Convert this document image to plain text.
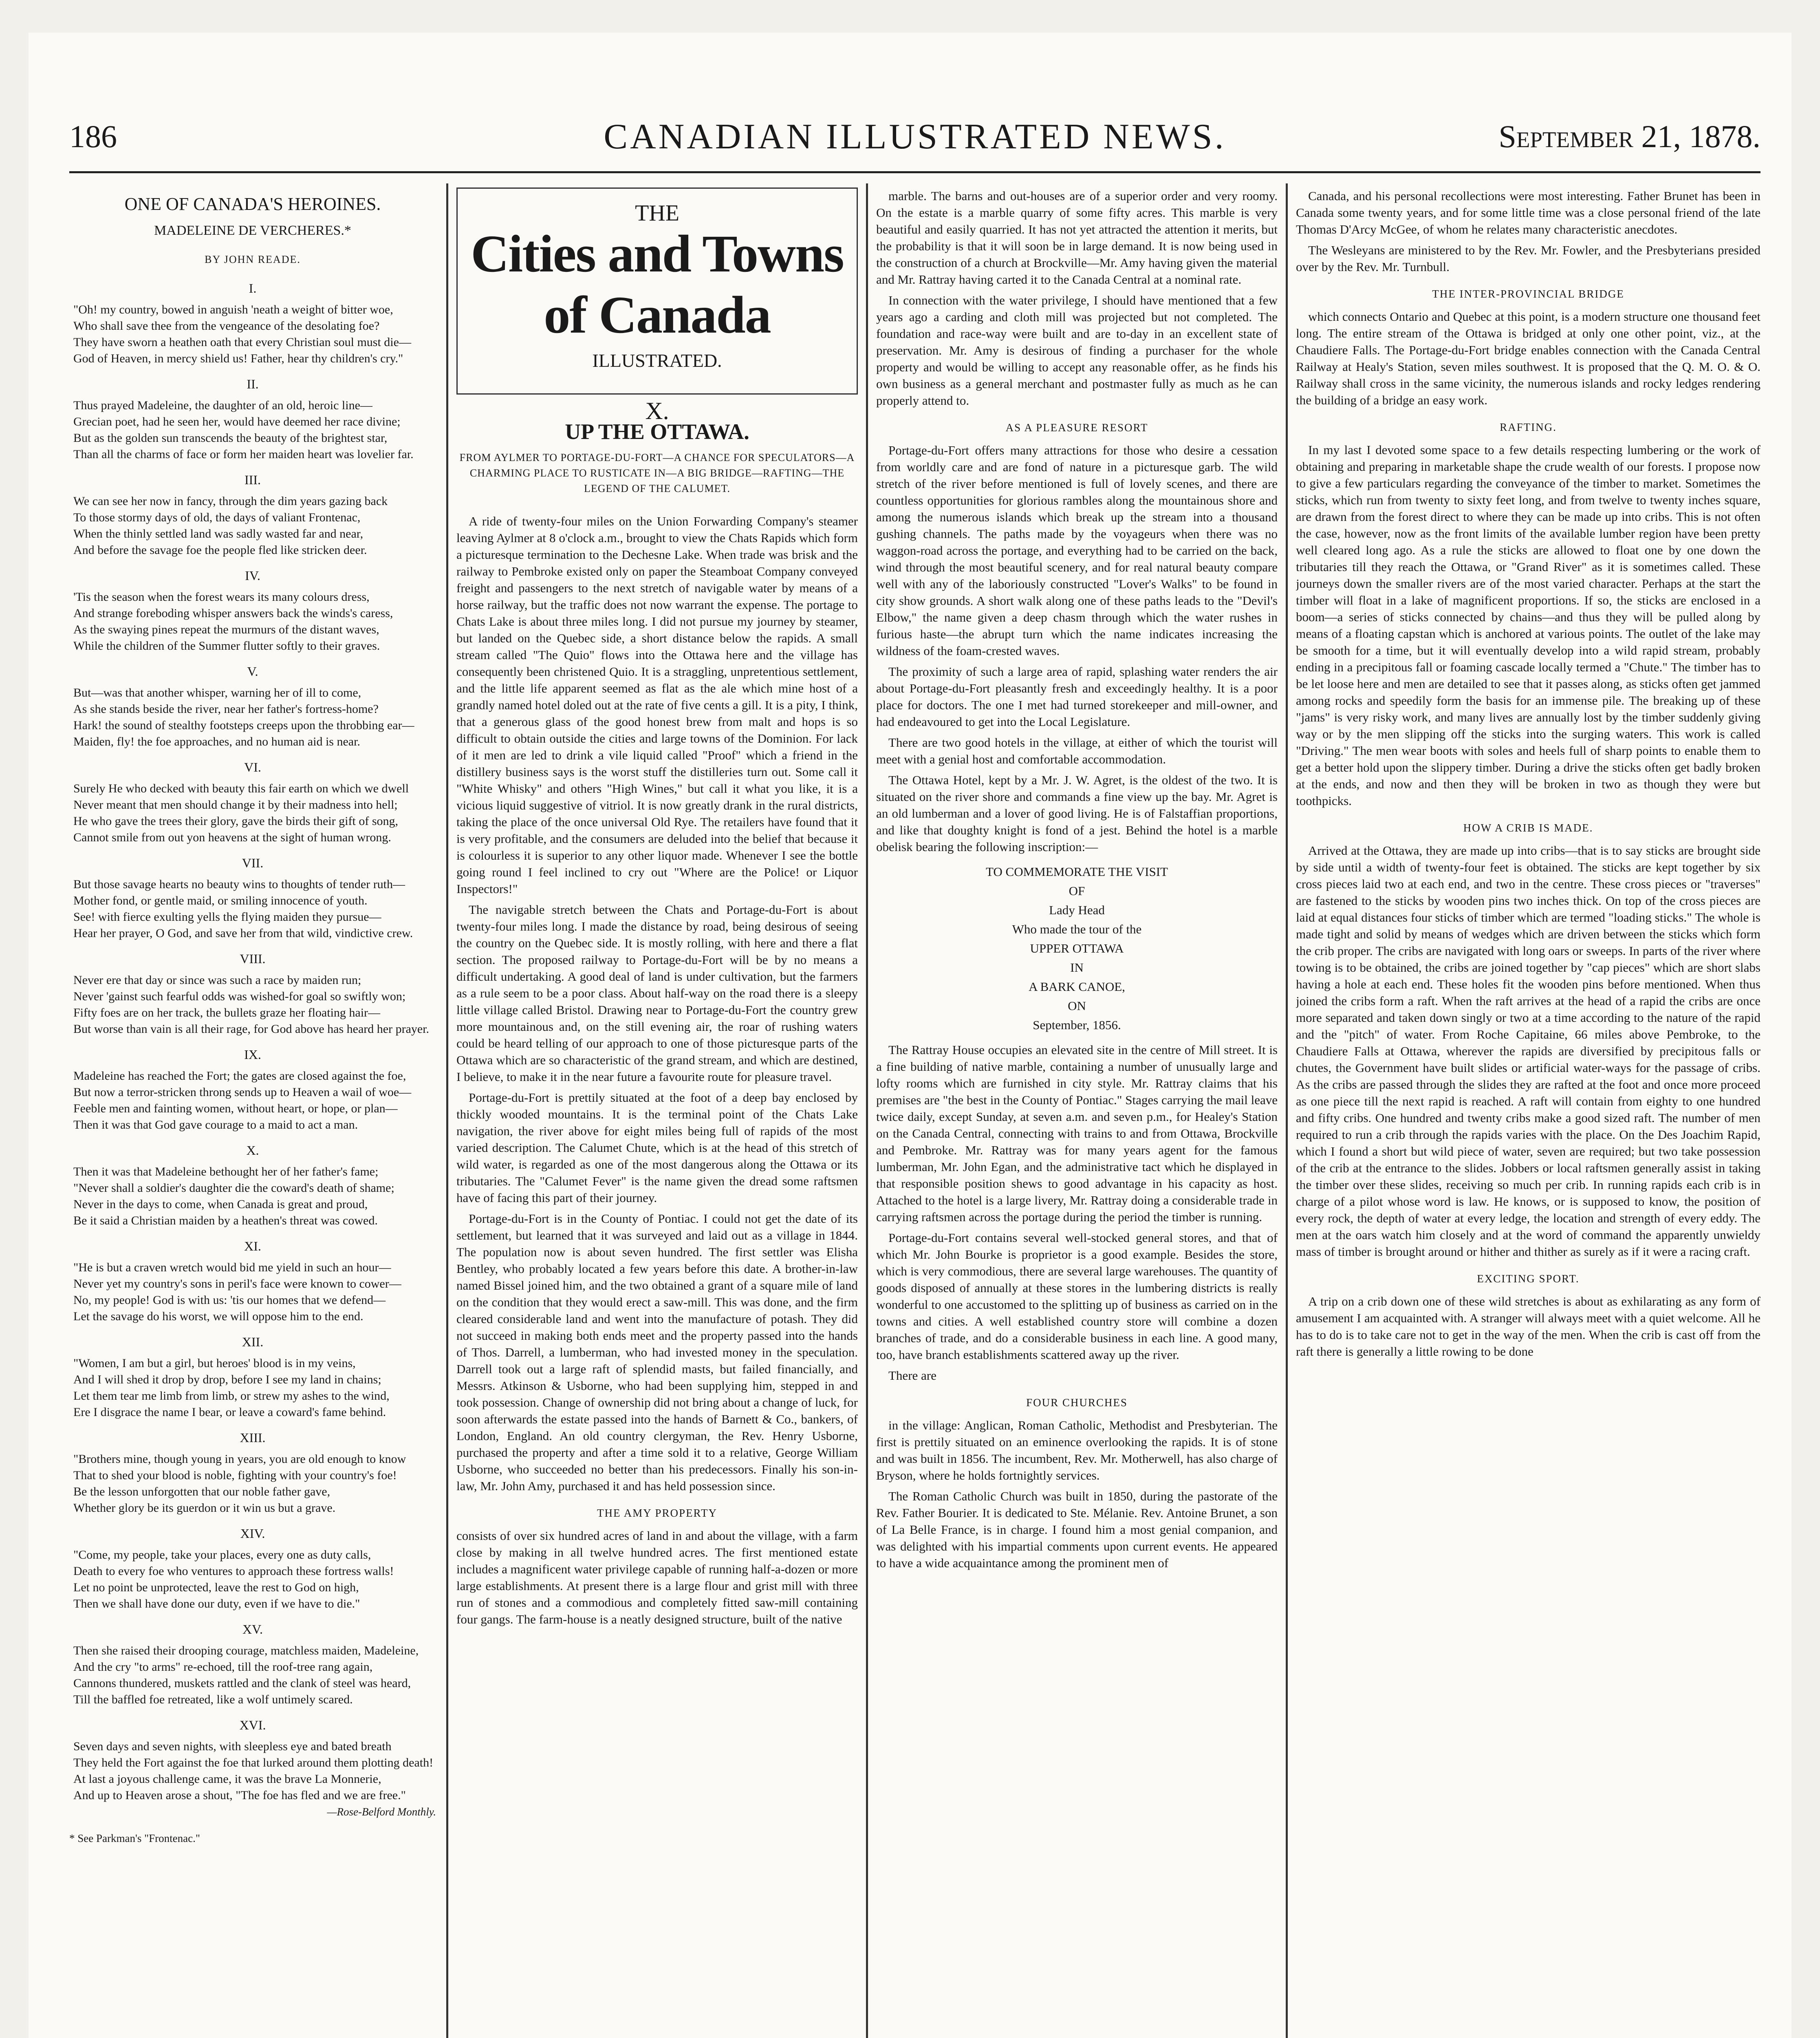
186	CANADIAN ILLUSTRATED NEWS.	September 21, 1878.
ONE OF CANADA'S HEROINES.
MADELEINE DE VERCHERES.*
BY JOHN READE.
I.
"Oh! my country, bowed in anguish 'neath a weight of bitter woe,
Who shall save thee from the vengeance of the desolating foe?
They have sworn a heathen oath that every Christian soul must die—
God of Heaven, in mercy shield us! Father, hear thy children's cry."
II.
Thus prayed Madeleine, the daughter of an old, heroic line—
Grecian poet, had he seen her, would have deemed her race divine;
But as the golden sun transcends the beauty of the brightest star,
Than all the charms of face or form her maiden heart was lovelier far.
III.
We can see her now in fancy, through the dim years gazing back
To those stormy days of old, the days of valiant Frontenac,
When the thinly settled land was sadly wasted far and near,
And before the savage foe the people fled like stricken deer.
IV.
'Tis the season when the forest wears its many colours dress,
And strange foreboding whisper answers back the winds's caress,
As the swaying pines repeat the murmurs of the distant waves,
While the children of the Summer flutter softly to their graves.
V.
But—was that another whisper, warning her of ill to come,
As she stands beside the river, near her father's fortress-home?
Hark! the sound of stealthy footsteps creeps upon the throbbing ear—
Maiden, fly! the foe approaches, and no human aid is near.
VI.
Surely He who decked with beauty this fair earth on which we dwell
Never meant that men should change it by their madness into hell;
He who gave the trees their glory, gave the birds their gift of song,
Cannot smile from out yon heavens at the sight of human wrong.
VII.
But those savage hearts no beauty wins to thoughts of tender ruth—
Mother fond, or gentle maid, or smiling innocence of youth.
See! with fierce exulting yells the flying maiden they pursue—
Hear her prayer, O God, and save her from that wild, vindictive crew.
VIII.
Never ere that day or since was such a race by maiden run;
Never 'gainst such fearful odds was wished-for goal so swiftly won;
Fifty foes are on her track, the bullets graze her floating hair—
But worse than vain is all their rage, for God above has heard her prayer.
IX.
Madeleine has reached the Fort; the gates are closed against the foe,
But now a terror-stricken throng sends up to Heaven a wail of woe—
Feeble men and fainting women, without heart, or hope, or plan—
Then it was that God gave courage to a maid to act a man.
X.
Then it was that Madeleine bethought her of her father's fame;
"Never shall a soldier's daughter die the coward's death of shame;
Never in the days to come, when Canada is great and proud,
Be it said a Christian maiden by a heathen's threat was cowed.
XI.
"He is but a craven wretch would bid me yield in such an hour—
Never yet my country's sons in peril's face were known to cower—
No, my people! God is with us: 'tis our homes that we defend—
Let the savage do his worst, we will oppose him to the end.
XII.
"Women, I am but a girl, but heroes' blood is in my veins,
And I will shed it drop by drop, before I see my land in chains;
Let them tear me limb from limb, or strew my ashes to the wind,
Ere I disgrace the name I bear, or leave a coward's fame behind.
XIII.
"Brothers mine, though young in years, you are old enough to know
That to shed your blood is noble, fighting with your country's foe!
Be the lesson unforgotten that our noble father gave,
Whether glory be its guerdon or it win us but a grave.
XIV.
"Come, my people, take your places, every one as duty calls,
Death to every foe who ventures to approach these fortress walls!
Let no point be unprotected, leave the rest to God on high,
Then we shall have done our duty, even if we have to die."
XV.
Then she raised their drooping courage, matchless maiden, Madeleine,
And the cry "to arms" re-echoed, till the roof-tree rang again,
Cannons thundered, muskets rattled and the clank of steel was heard,
Till the baffled foe retreated, like a wolf untimely scared.
XVI.
Seven days and seven nights, with sleepless eye and bated breath
They held the Fort against the foe that lurked around them plotting death!
At last a joyous challenge came, it was the brave La Monnerie,
And up to Heaven arose a shout, "The foe has fled and we are free."
—Rose-Belford Monthly.
* See Parkman's "Frontenac."
THE
Cities and Towns of Canada
ILLUSTRATED.
X.
UP THE OTTAWA.
FROM AYLMER TO PORTAGE-DU-FORT—A CHANCE FOR SPECULATORS—A CHARMING PLACE TO RUSTICATE IN—A BIG BRIDGE—RAFTING—THE LEGEND OF THE CALUMET.

A ride of twenty-four miles on the Union Forwarding Company's steamer leaving Aylmer at 8 o'clock a.m., brought to view the Chats Rapids which form a picturesque termination to the Dechesne Lake. When trade was brisk and the railway to Pembroke existed only on paper the Steamboat Company conveyed freight and passengers to the next stretch of navigable water by means of a horse railway, but the traffic does not now warrant the expense. The portage to Chats Lake is about three miles long. I did not pursue my journey by steamer, but landed on the Quebec side, a short distance below the rapids. A small stream called "The Quio" flows into the Ottawa here and the village has consequently been christened Quio. It is a straggling, unpretentious settlement, and the little life apparent seemed as flat as the ale which mine host of a grandly named hotel doled out at the rate of five cents a gill. It is a pity, I think, that a generous glass of the good honest brew from malt and hops is so difficult to obtain outside the cities and large towns of the Dominion. For lack of it men are led to drink a vile liquid called "Proof" which a friend in the distillery business says is the worst stuff the distilleries turn out. Some call it "White Whisky" and others "High Wines," but call it what you like, it is a vicious liquid suggestive of vitriol. It is now greatly drank in the rural districts, taking the place of the once universal Old Rye. The retailers have found that it is very profitable, and the consumers are deluded into the belief that because it is colourless it is superior to any other liquor made. Whenever I see the bottle going round I feel inclined to cry out "Where are the Police! or Liquor Inspectors!"

The navigable stretch between the Chats and Portage-du-Fort is about twenty-four miles long. I made the distance by road, being desirous of seeing the country on the Quebec side. It is mostly rolling, with here and there a flat section. The proposed railway to Portage-du-Fort will be by no means a difficult undertaking. A good deal of land is under cultivation, but the farmers as a rule seem to be a poor class. About half-way on the road there is a sleepy little village called Bristol. Drawing near to Portage-du-Fort the country grew more mountainous and, on the still evening air, the roar of rushing waters could be heard telling of our approach to one of those picturesque parts of the Ottawa which are so characteristic of the grand stream, and which are destined, I believe, to make it in the near future a favourite route for pleasure travel.

Portage-du-Fort is prettily situated at the foot of a deep bay enclosed by thickly wooded mountains. It is the terminal point of the Chats Lake navigation, the river above for eight miles being full of rapids of the most varied description. The Calumet Chute, which is at the head of this stretch of wild water, is regarded as one of the most dangerous along the Ottawa or its tributaries. The "Calumet Fever" is the name given the dread some raftsmen have of facing this part of their journey.

Portage-du-Fort is in the County of Pontiac. I could not get the date of its settlement, but learned that it was surveyed and laid out as a village in 1844. The population now is about seven hundred. The first settler was Elisha Bentley, who probably located a few years before this date. A brother-in-law named Bissel joined him, and the two obtained a grant of a square mile of land on the condition that they would erect a saw-mill. This was done, and the firm cleared considerable land and went into the manufacture of potash. They did not succeed in making both ends meet and the property passed into the hands of Thos. Darrell, a lumberman, who had invested money in the speculation. Darrell took out a large raft of splendid masts, but failed financially, and Messrs. Atkinson & Usborne, who had been supplying him, stepped in and took possession. Change of ownership did not bring about a change of luck, for soon afterwards the estate passed into the hands of Barnett & Co., bankers, of London, England. An old country clergyman, the Rev. Henry Usborne, purchased the property and after a time sold it to a relative, George William Usborne, who succeeded no better than his predecessors. Finally his son-in-law, Mr. John Amy, purchased it and has held possession since.

THE AMY PROPERTY

consists of over six hundred acres of land in and about the village, with a farm close by making in all twelve hundred acres. The first mentioned estate includes a magnificent water privilege capable of running half-a-dozen or more large establishments. At present there is a large flour and grist mill with three run of stones and a commodious and completely fitted saw-mill containing four gangs. The farm-house is a neatly designed structure, built of the native

marble. The barns and out-houses are of a superior order and very roomy. On the estate is a marble quarry of some fifty acres. This marble is very beautiful and easily quarried. It has not yet attracted the attention it merits, but the probability is that it will soon be in large demand. It is now being used in the construction of a church at Brockville—Mr. Amy having given the material and Mr. Rattray having carted it to the Canada Central at a nominal rate.

In connection with the water privilege, I should have mentioned that a few years ago a carding and cloth mill was projected but not completed. The foundation and race-way were built and are to-day in an excellent state of preservation. Mr. Amy is desirous of finding a purchaser for the whole property and would be willing to accept any reasonable offer, as he finds his own business as a general merchant and postmaster fully as much as he can properly attend to.

AS A PLEASURE RESORT

Portage-du-Fort offers many attractions for those who desire a cessation from worldly care and are fond of nature in a picturesque garb. The wild stretch of the river before mentioned is full of lovely scenes, and there are countless opportunities for glorious rambles along the mountainous shore and among the numerous islands which break up the stream into a thousand gushing channels. The paths made by the voyageurs when there was no waggon-road across the portage, and everything had to be carried on the back, wind through the most beautiful scenery, and for real natural beauty compare well with any of the laboriously constructed "Lover's Walks" to be found in city show grounds. A short walk along one of these paths leads to the "Devil's Elbow," the name given a deep chasm through which the water rushes in furious haste—the abrupt turn which the name indicates increasing the wildness of the foam-crested waves.

The proximity of such a large area of rapid, splashing water renders the air about Portage-du-Fort pleasantly fresh and exceedingly healthy. It is a poor place for doctors. The one I met had turned storekeeper and mill-owner, and had endeavoured to get into the Local Legislature.

There are two good hotels in the village, at either of which the tourist will meet with a genial host and comfortable accommodation.

The Ottawa Hotel, kept by a Mr. J. W. Agret, is the oldest of the two. It is situated on the river shore and commands a fine view up the bay. Mr. Agret is an old lumberman and a lover of good living. He is of Falstaffian proportions, and like that doughty knight is fond of a jest. Behind the hotel is a marble obelisk bearing the following inscription:—

TO COMMEMORATE THE VISIT
OF
Lady Head
Who made the tour of the
UPPER OTTAWA
IN
A BARK CANOE,
ON
September, 1856.

The Rattray House occupies an elevated site in the centre of Mill street. It is a fine building of native marble, containing a number of unusually large and lofty rooms which are furnished in city style. Mr. Rattray claims that his premises are "the best in the County of Pontiac." Stages carrying the mail leave twice daily, except Sunday, at seven a.m. and seven p.m., for Healey's Station on the Canada Central, connecting with trains to and from Ottawa, Brockville and Pembroke. Mr. Rattray was for many years agent for the famous lumberman, Mr. John Egan, and the administrative tact which he displayed in that responsible position shews to good advantage in his capacity as host. Attached to the hotel is a large livery, Mr. Rattray doing a considerable trade in carrying raftsmen across the portage during the period the timber is running.

Portage-du-Fort contains several well-stocked general stores, and that of which Mr. John Bourke is proprietor is a good example. Besides the store, which is very commodious, there are several large warehouses. The quantity of goods disposed of annually at these stores in the lumbering districts is really wonderful to one accustomed to the splitting up of business as carried on in the towns and cities. A well established country store will combine a dozen branches of trade, and do a considerable business in each line. A good many, too, have branch establishments scattered away up the river.

There are

FOUR CHURCHES

in the village: Anglican, Roman Catholic, Methodist and Presbyterian. The first is prettily situated on an eminence overlooking the rapids. It is of stone and was built in 1856. The incumbent, Rev. Mr. Motherwell, has also charge of Bryson, where he holds fortnightly services.

The Roman Catholic Church was built in 1850, during the pastorate of the Rev. Father Bourier. It is dedicated to Ste. Mélanie. Rev. Antoine Brunet, a son of La Belle France, is in charge. I found him a most genial companion, and was delighted with his impartial comments upon current events. He appeared to have a wide acquaintance among the prominent men of

Canada, and his personal recollections were most interesting. Father Brunet has been in Canada some twenty years, and for some little time was a close personal friend of the late Thomas D'Arcy McGee, of whom he relates many characteristic anecdotes.

The Wesleyans are ministered to by the Rev. Mr. Fowler, and the Presbyterians presided over by the Rev. Mr. Turnbull.

THE INTER-PROVINCIAL BRIDGE

which connects Ontario and Quebec at this point, is a modern structure one thousand feet long. The entire stream of the Ottawa is bridged at only one other point, viz., at the Chaudiere Falls. The Portage-du-Fort bridge enables connection with the Canada Central Railway at Healy's Station, seven miles southwest. It is proposed that the Q. M. O. & O. Railway shall cross in the same vicinity, the numerous islands and rocky ledges rendering the building of a bridge an easy work.

RAFTING.

In my last I devoted some space to a few details respecting lumbering or the work of obtaining and preparing in marketable shape the crude wealth of our forests. I propose now to give a few particulars regarding the conveyance of the timber to market. Sometimes the sticks, which run from twenty to sixty feet long, and from twelve to twenty inches square, are drawn from the forest direct to where they can be made up into cribs. This is not often the case, however, now as the front limits of the available lumber region have been pretty well cleared long ago. As a rule the sticks are allowed to float one by one down the tributaries till they reach the Ottawa, or "Grand River" as it is sometimes called. These journeys down the smaller rivers are of the most varied character. Perhaps at the start the timber will float in a lake of magnificent proportions. If so, the sticks are enclosed in a boom—a series of sticks connected by chains—and thus they will be pulled along by means of a floating capstan which is anchored at various points. The outlet of the lake may be smooth for a time, but it will eventually develop into a wild rapid stream, probably ending in a precipitous fall or foaming cascade locally termed a "Chute." The timber has to be let loose here and men are detailed to see that it passes along, as sticks often get jammed among rocks and speedily form the basis for an immense pile. The breaking up of these "jams" is very risky work, and many lives are annually lost by the timber suddenly giving way or by the men slipping off the sticks into the surging waters. This work is called "Driving." The men wear boots with soles and heels full of sharp points to enable them to get a better hold upon the slippery timber. During a drive the sticks often get badly broken at the ends, and now and then they will be broken in two as though they were but toothpicks.

HOW A CRIB IS MADE.

Arrived at the Ottawa, they are made up into cribs—that is to say sticks are brought side by side until a width of twenty-four feet is obtained. The sticks are kept together by six cross pieces laid two at each end, and two in the centre. These cross pieces or "traverses" are fastened to the sticks by wooden pins two inches thick. On top of the cross pieces are laid at equal distances four sticks of timber which are termed "loading sticks." The whole is made tight and solid by means of wedges which are driven between the sticks which form the crib proper. The cribs are navigated with long oars or sweeps. In parts of the river where towing is to be obtained, the cribs are joined together by "cap pieces" which are short slabs having a hole at each end. These holes fit the wooden pins before mentioned. When thus joined the cribs form a raft. When the raft arrives at the head of a rapid the cribs are once more separated and taken down singly or two at a time according to the nature of the rapid and the "pitch" of water. From Roche Capitaine, 66 miles above Pembroke, to the Chaudiere Falls at Ottawa, wherever the rapids are diversified by precipitous falls or chutes, the Government have built slides or artificial water-ways for the passage of cribs. As the cribs are passed through the slides they are rafted at the foot and once more proceed as one piece till the next rapid is reached. A raft will contain from eighty to one hundred and fifty cribs. One hundred and twenty cribs make a good sized raft. The number of men required to run a crib through the rapids varies with the place. On the Des Joachim Rapid, which I found a short but wild piece of water, seven are required; but two take possession of the crib at the entrance to the slides. Jobbers or local raftsmen generally assist in taking the timber over these slides, receiving so much per crib. In running rapids each crib is in charge of a pilot whose word is law. He knows, or is supposed to know, the position of every rock, the depth of water at every ledge, the location and strength of every eddy. The men at the oars watch him closely and at the word of command the apparently unwieldy mass of timber is brought around or hither and thither as surely as if it were a racing craft.

EXCITING SPORT.

A trip on a crib down one of these wild stretches is about as exhilarating as any form of amusement I am acquainted with. A stranger will always meet with a quiet welcome. All he has to do is to take care not to get in the way of the men. When the crib is cast off from the raft there is generally a little rowing to be done
